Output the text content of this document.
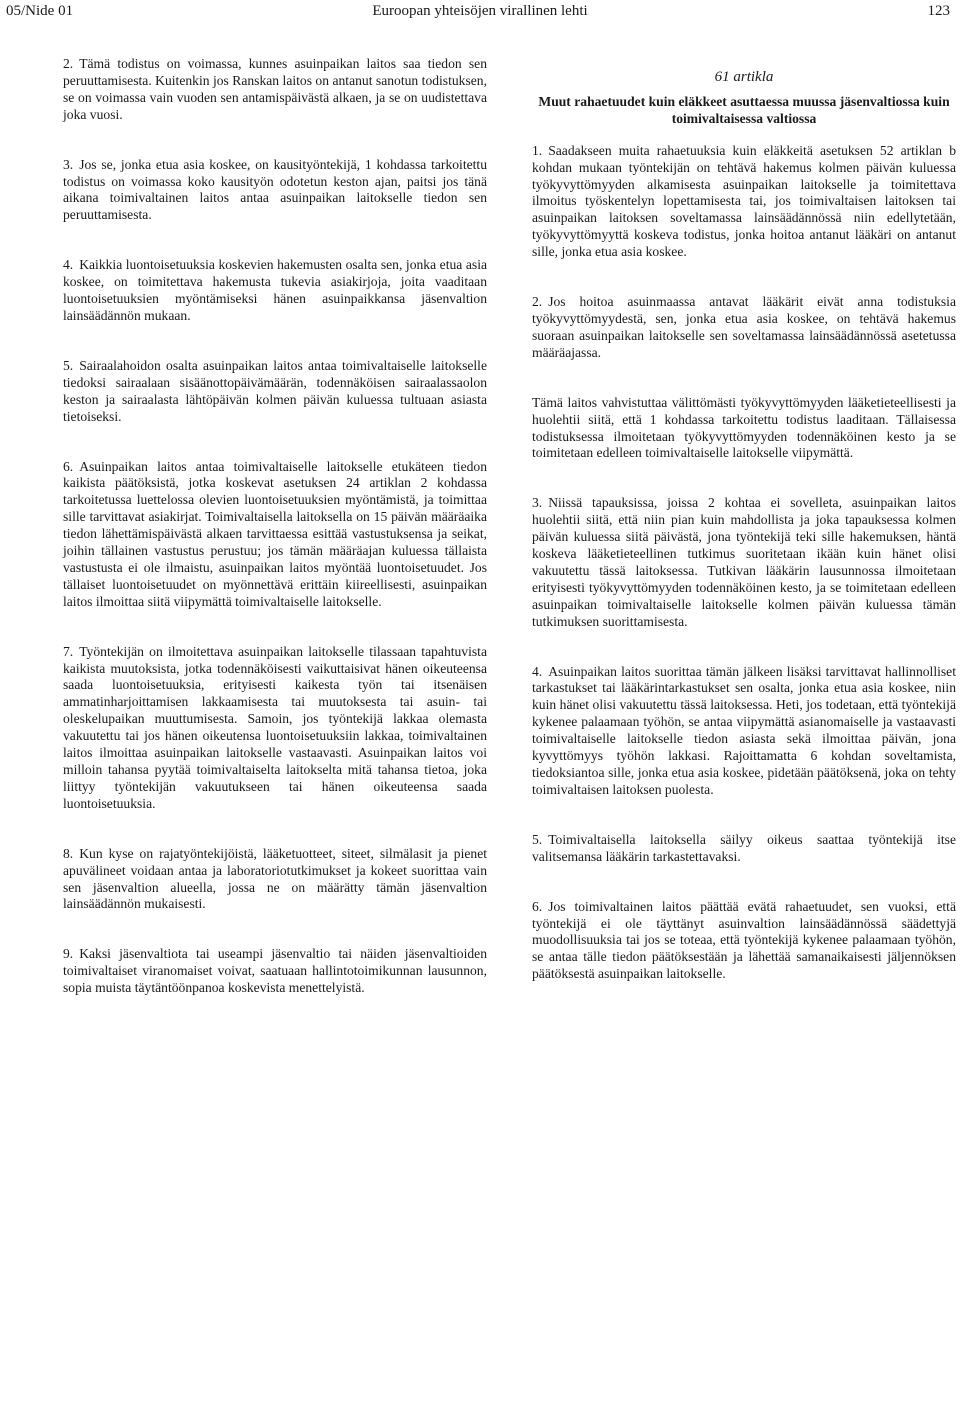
05/Nide 01	Euroopan yhteisöjen virallinen lehti	123

2. Tämä todistus on voimassa, kunnes asuinpaikan laitos saa tiedon sen peruuttamisesta. Kuitenkin jos Ranskan laitos on antanut sanotun todistuksen, se on voimassa vain vuoden sen antamispäivästä alkaen, ja se on uudistettava joka vuosi.

3. Jos se, jonka etua asia koskee, on kausityöntekijä, 1 kohdassa tarkoitettu todistus on voimassa koko kausityön odotetun keston ajan, paitsi jos tänä aikana toimivaltainen laitos antaa asuinpaikan laitokselle tiedon sen peruuttamisesta.

4. Kaikkia luontoisetuuksia koskevien hakemusten osalta sen, jonka etua asia koskee, on toimitettava hakemusta tukevia asiakirjoja, joita vaaditaan luontoisetuuksien myöntämiseksi hänen asuinpaikkansa jäsenvaltion lainsäädännön mukaan.

5. Sairaalahoidon osalta asuinpaikan laitos antaa toimivaltaiselle laitokselle tiedoksi sairaalaan sisäänottopäivämäärän, todennäköisen sairaalassaolon keston ja sairaalasta lähtöpäivän kolmen päivän kuluessa tultuaan asiasta tietoiseksi.

6. Asuinpaikan laitos antaa toimivaltaiselle laitokselle etukäteen tiedon kaikista päätöksistä, jotka koskevat asetuksen 24 artiklan 2 kohdassa tarkoitetussa luettelossa olevien luontoisetuuksien myöntämistä, ja toimittaa sille tarvittavat asiakirjat. Toimivaltaisella laitoksella on 15 päivän määräaika tiedon lähettämispäivästä alkaen tarvittaessa esittää vastustuksensa ja seikat, joihin tällainen vastustus perustuu; jos tämän määräajan kuluessa tällaista vastustusta ei ole ilmaistu, asuinpaikan laitos myöntää luontoisetuudet. Jos tällaiset luontoisetuudet on myönnettävä erittäin kiireellisesti, asuinpaikan laitos ilmoittaa siitä viipymättä toimivaltaiselle laitokselle.

7. Työntekijän on ilmoitettava asuinpaikan laitokselle tilassaan tapahtuvista kaikista muutoksista, jotka todennäköisesti vaikuttaisivat hänen oikeuteensa saada luontoisetuuksia, erityisesti kaikesta työn tai itsenäisen ammatinharjoittamisen lakkaamisesta tai muutoksesta tai asuin- tai oleskelupaikan muuttumisesta. Samoin, jos työntekijä lakkaa olemasta vakuutettu tai jos hänen oikeutensa luontoisetuuksiin lakkaa, toimivaltainen laitos ilmoittaa asuinpaikan laitokselle vastaavasti. Asuinpaikan laitos voi milloin tahansa pyytää toimivaltaiselta laitokselta mitä tahansa tietoa, joka liittyy työntekijän vakuutukseen tai hänen oikeuteensa saada luontoisetuuksia.

8. Kun kyse on rajatyöntekijöistä, lääketuotteet, siteet, silmälasit ja pienet apuvälineet voidaan antaa ja laboratoriotutkimukset ja kokeet suorittaa vain sen jäsenvaltion alueella, jossa ne on määrätty tämän jäsenvaltion lainsäädännön mukaisesti.

9. Kaksi jäsenvaltiota tai useampi jäsenvaltio tai näiden jäsenvaltioiden toimivaltaiset viranomaiset voivat, saatuaan hallintotoimikunnan lausunnon, sopia muista täytäntöönpanoa koskevista menettelyistä.

61 artikla
Muut rahaetuudet kuin eläkkeet asuttaessa muussa jäsenvaltiossa kuin toimivaltaisessa valtiossa

1. Saadakseen muita rahaetuuksia kuin eläkkeitä asetuksen 52 artiklan b kohdan mukaan työntekijän on tehtävä hakemus kolmen päivän kuluessa työkyvyttömyyden alkamisesta asuinpaikan laitokselle ja toimitettava ilmoitus työskentelyn lopettamisesta tai, jos toimivaltaisen laitoksen tai asuinpaikan laitoksen soveltamassa lainsäädännössä niin edellytetään, työkyvyttömyyttä koskeva todistus, jonka hoitoa antanut lääkäri on antanut sille, jonka etua asia koskee.

2. Jos hoitoa asuinmaassa antavat lääkärit eivät anna todistuksia työkyvyttömyydestä, sen, jonka etua asia koskee, on tehtävä hakemus suoraan asuinpaikan laitokselle sen soveltamassa lainsäädännössä asetetussa määräajassa.

Tämä laitos vahvistuttaa välittömästi työkyvyttömyyden lääketieteellisesti ja huolehtii siitä, että 1 kohdassa tarkoitettu todistus laaditaan. Tällaisessa todistuksessa ilmoitetaan työkyvyttömyyden todennäköinen kesto ja se toimitetaan edelleen toimivaltaiselle laitokselle viipymättä.

3. Niissä tapauksissa, joissa 2 kohtaa ei sovelleta, asuinpaikan laitos huolehtii siitä, että niin pian kuin mahdollista ja joka tapauksessa kolmen päivän kuluessa siitä päivästä, jona työntekijä teki sille hakemuksen, häntä koskeva lääketieteellinen tutkimus suoritetaan ikään kuin hänet olisi vakuutettu tässä laitoksessa. Tutkivan lääkärin lausunnossa ilmoitetaan erityisesti työkyvyttömyyden todennäköinen kesto, ja se toimitetaan edelleen asuinpaikan toimivaltaiselle laitokselle kolmen päivän kuluessa tämän tutkimuksen suorittamisesta.

4. Asuinpaikan laitos suorittaa tämän jälkeen lisäksi tarvittavat hallinnolliset tarkastukset tai lääkärintarkastukset sen osalta, jonka etua asia koskee, niin kuin hänet olisi vakuutettu tässä laitoksessa. Heti, jos todetaan, että työntekijä kykenee palaamaan työhön, se antaa viipymättä asianomaiselle ja vastaavasti toimivaltaiselle laitokselle tiedon asiasta sekä ilmoittaa päivän, jona kyvyttömyys työhön lakkasi. Rajoittamatta 6 kohdan soveltamista, tiedoksiantoa sille, jonka etua asia koskee, pidetään päätöksenä, joka on tehty toimivaltaisen laitoksen puolesta.

5. Toimivaltaisella laitoksella säilyy oikeus saattaa työntekijä itse valitsemansa lääkärin tarkastettavaksi.

6. Jos toimivaltainen laitos päättää evätä rahaetuudet, sen vuoksi, että työntekijä ei ole täyttänyt asuinvaltion lainsäädännössä säädettyjä muodollisuuksia tai jos se toteaa, että työntekijä kykenee palaamaan työhön, se antaa tälle tiedon päätöksestään ja lähettää samanaikaisesti jäljennöksen päätöksestä asuinpaikan laitokselle.
